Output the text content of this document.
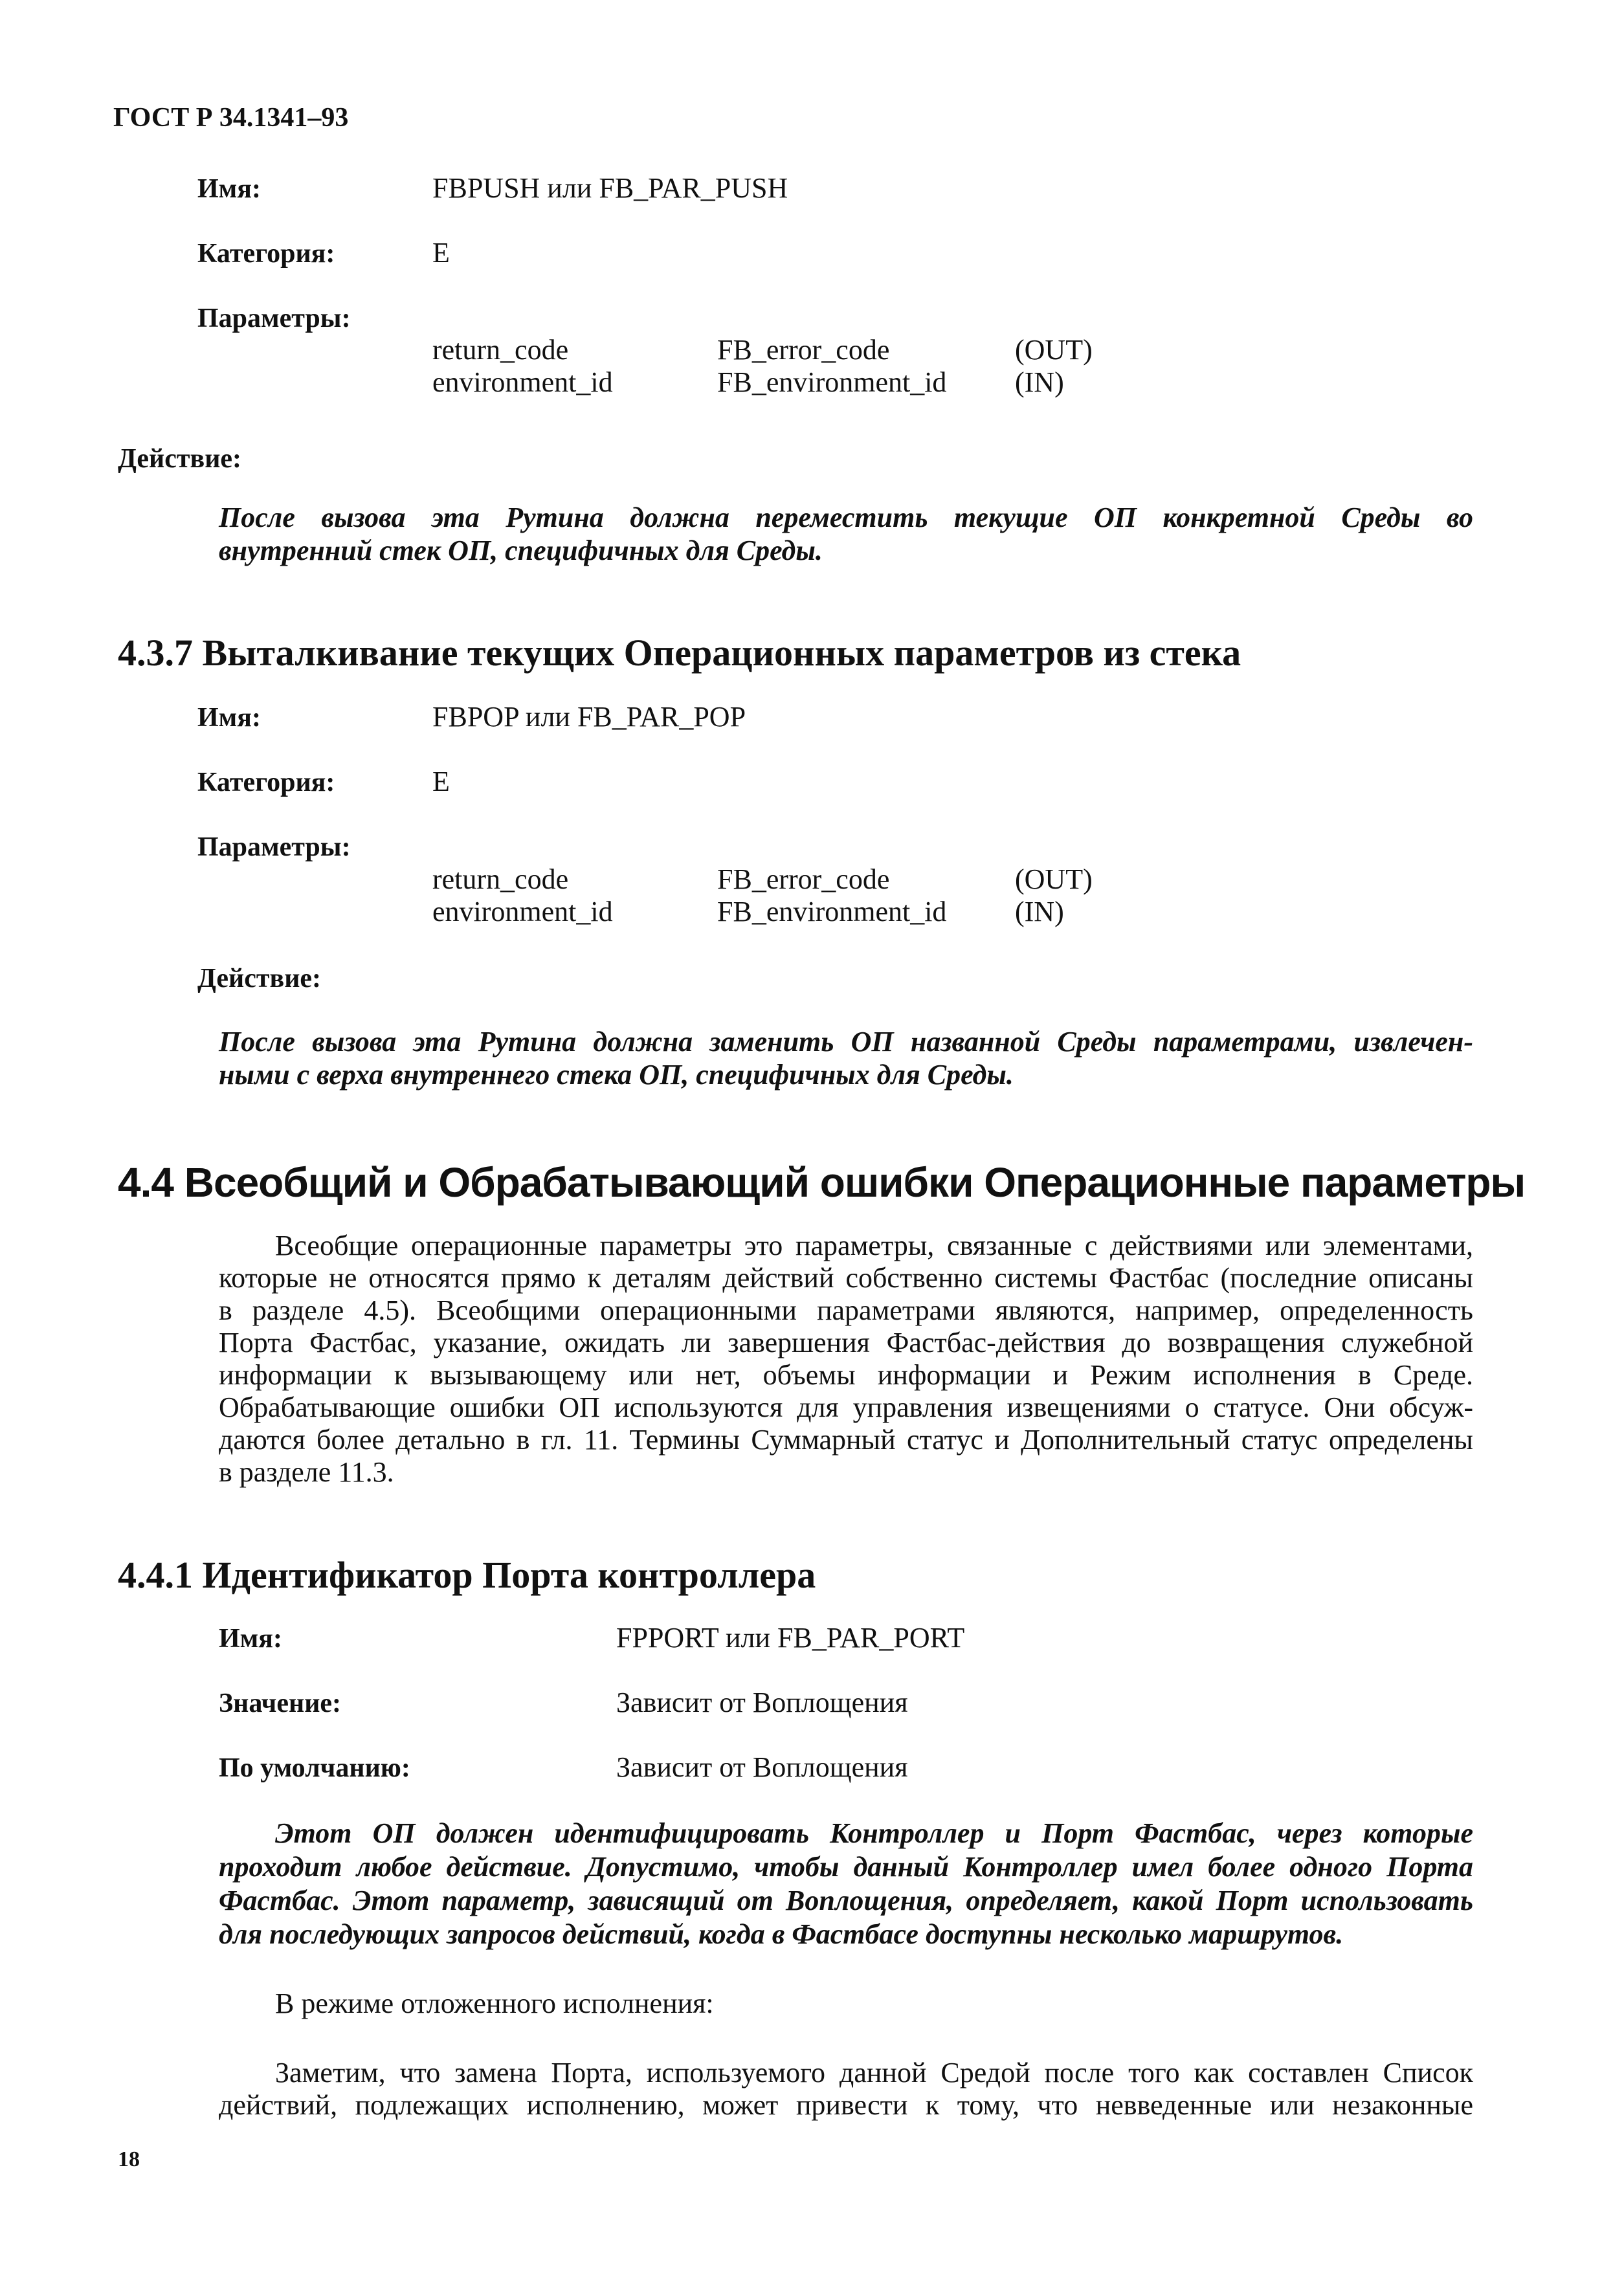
ГОСТ Р 34.1341–93
Имя:	FBPUSH или FB_PAR_PUSH
Категория:	E
Параметры:
return_code	FB_error_code	(OUT)
environment_id	FB_environment_id (IN)
Действие:
После вызова эта Рутина должна переместить текущие ОП конкретной Среды во
внутренний стек ОП, специфичных для Среды.
4.3.7 Выталкивание текущих Операционных параметров из стека
Имя:	FBPOP или FB_PAR_POP
Категория:	E
Параметры:
return_code	FB_error_code	(OUT)
environment_id	FB_environment_id (IN)
Действие:
После вызова эта Рутина должна заменить ОП названной Среды параметрами, извлечен-
ными с верха внутреннего стека ОП, специфичных для Среды.
4.4 Всеобщий и Обрабатывающий ошибки Операционные параметры
Всеобщие операционные параметры это параметры, связанные с действиями или элементами,
которые не относятся прямо к деталям действий собственно системы Фастбас (последние описаны
в разделе 4.5). Всеобщими операционными параметрами являются, например, определенность
Порта Фастбас, указание, ожидать ли завершения Фастбас-действия до возвращения служебной
информации к вызывающему или нет, объемы информации и Режим исполнения в Среде.
Обрабатывающие ошибки ОП используются для управления извещениями о статусе. Они обсуж-
даются более детально в гл. 11. Термины Суммарный статус и Дополнительный статус определены
в разделе 11.3.
4.4.1 Идентификатор Порта контроллера
Имя:	FPPORT или FB_PAR_PORT
Значение:	Зависит от Воплощения
По умолчанию:	Зависит от Воплощения
Этот ОП должен идентифицировать Контроллер и Порт Фастбас, через которые
проходит любое действие. Допустимо, чтобы данный Контроллер имел более одного Порта
Фастбас. Этот параметр, зависящий от Воплощения, определяет, какой Порт использовать
для последующих запросов действий, когда в Фастбасе доступны несколько маршрутов.
В режиме отложенного исполнения:
Заметим, что замена Порта, используемого данной Средой после того как составлен Список
действий, подлежащих исполнению, может привести к тому, что невведенные или незаконные
18
